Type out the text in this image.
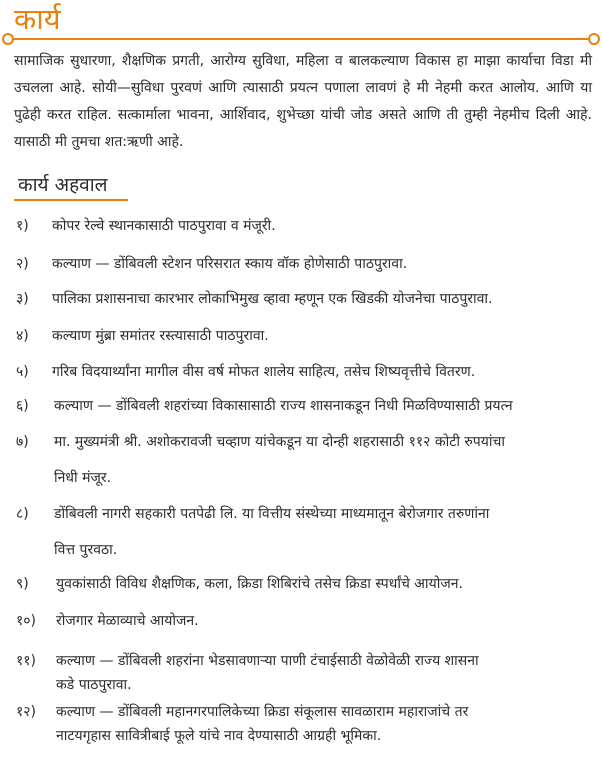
कार्य

सामाजिक सुधारणा, शैक्षणिक प्रगती, आरोग्य सुविधा, महिला व बालकल्याण विकास हा माझा कार्याचा विडा मी उचलला आहे. सोयी—सुविधा पुरवणं आणि त्यासाठी प्रयत्न पणाला लावणं हे मी नेहमी करत आलोय. आणि या पुढेही करत राहिल. सत्कार्माला भावना, आर्शिवाद, शुभेच्छा यांची जोड असते आणि ती तुम्ही नेहमीच दिली आहे. यासाठी मी तुमचा शत:ऋणी आहे.

कार्य अहवाल
१) कोपर रेल्वे स्थानकासाठी पाठपुरावा व मंजूरी.
२) कल्याण — डोंबिवली स्टेशन परिसरात स्काय वॉक होणेसाठी पाठपुरावा.
३) पालिका प्रशासनाचा कारभार लोकाभिमुख व्हावा म्हणून एक खिडकी योजनेचा पाठपुरावा.
४) कल्याण मुंब्रा समांतर रस्त्यासाठी पाठपुरावा.
५) गरिब विदयार्थ्यांना मागील वीस वर्ष मोफत शालेय साहित्य, तसेच शिष्यवृत्तीचे वितरण.
६) कल्याण — डोंबिवली शहरांच्या विकासासाठी राज्य शासनाकडून निधी मिळविण्यासाठी प्रयत्न
७) मा. मुख्यमंत्री श्री. अशोकरावजी चव्हाण यांचेकडून या दोन्ही शहरासाठी ११२ कोटी रुपयांचा
निधी मंजूर.
८) डोंबिवली नागरी सहकारी पतपेढी लि. या वित्तीय संस्थेच्या माध्यमातून बेरोजगार तरुणांना
वित्त पुरवठा.
९) युवकांसाठी विविध शैक्षणिक, कला, क्रिडा शिबिरांचे तसेच क्रिडा स्पर्धांचे आयोजन.
१०) रोजगार मेळाव्याचे आयोजन.
११) कल्याण — डोंबिवली शहरांना भेडसावणाऱ्या पाणी टंचाईसाठी वेळोवेळी राज्य शासना
कडे पाठपुरावा.
१२) कल्याण — डोंबिवली महानगरपालिकेच्या क्रिडा संकूलास सावळाराम महाराजांचे तर
नाटयगृहास सावित्रीबाई फूले यांचे नाव देण्यासाठी आग्रही भूमिका.
